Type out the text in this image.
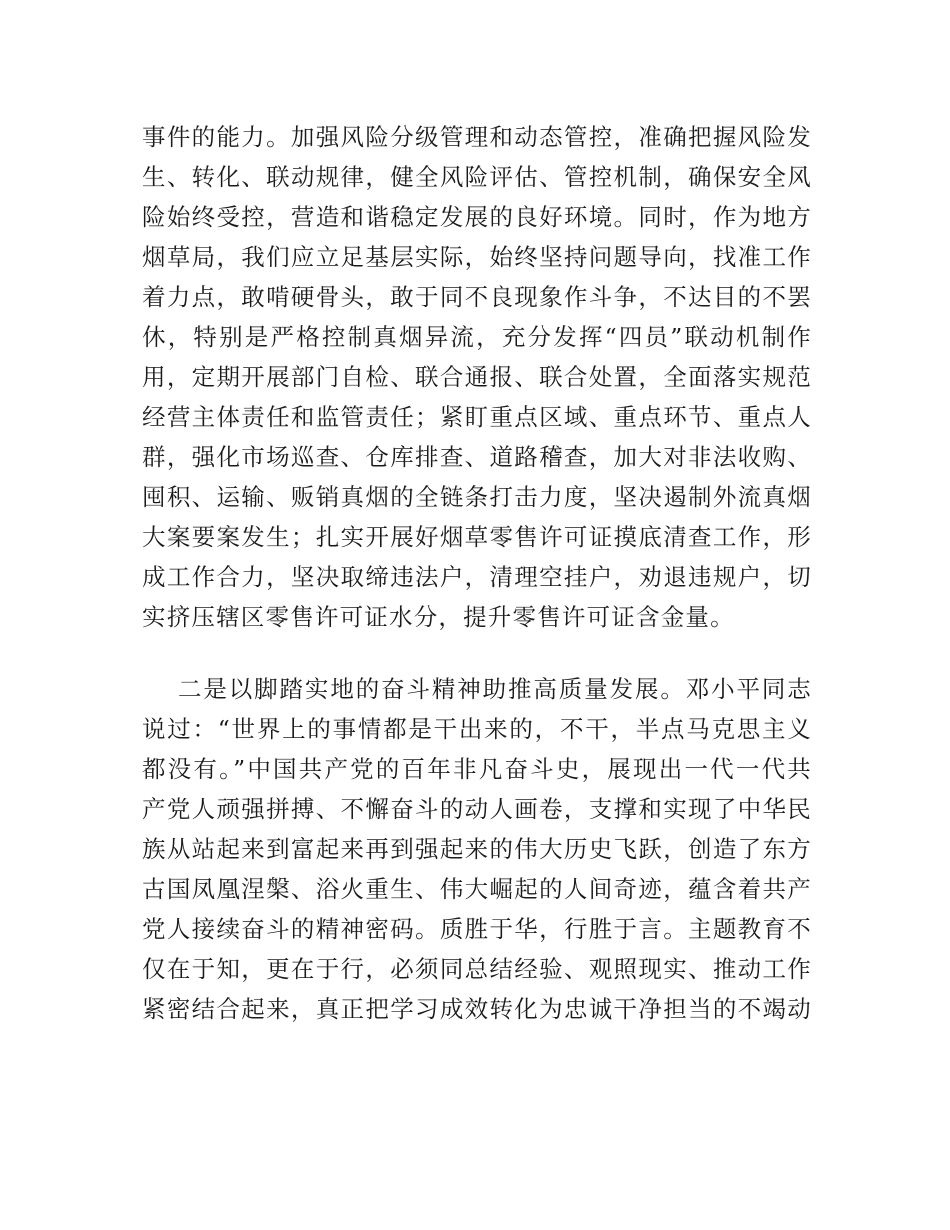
事件的能力。加强风险分级管理和动态管控，准确把握风险发
生、转化、联动规律，健全风险评估、管控机制，确保安全风
险始终受控，营造和谐稳定发展的良好环境。同时，作为地方
烟草局，我们应立足基层实际，始终坚持问题导向，找准工作
着力点，敢啃硬骨头，敢于同不良现象作斗争，不达目的不罢
休，特别是严格控制真烟异流，充分发挥“四员”联动机制作
用，定期开展部门自检、联合通报、联合处置，全面落实规范
经营主体责任和监管责任；紧盯重点区域、重点环节、重点人
群，强化市场巡查、仓库排查、道路稽查，加大对非法收购、
囤积、运输、贩销真烟的全链条打击力度，坚决遏制外流真烟
大案要案发生；扎实开展好烟草零售许可证摸底清查工作，形
成工作合力，坚决取缔违法户，清理空挂户，劝退违规户，切
实挤压辖区零售许可证水分，提升零售许可证含金量。
二是以脚踏实地的奋斗精神助推高质量发展。邓小平同志
说过：“世界上的事情都是干出来的，不干，半点马克思主义
都没有。”中国共产党的百年非凡奋斗史，展现出一代一代共
产党人顽强拼搏、不懈奋斗的动人画卷，支撑和实现了中华民
族从站起来到富起来再到强起来的伟大历史飞跃，创造了东方
古国凤凰涅槃、浴火重生、伟大崛起的人间奇迹，蕴含着共产
党人接续奋斗的精神密码。质胜于华，行胜于言。主题教育不
仅在于知，更在于行，必须同总结经验、观照现实、推动工作
紧密结合起来，真正把学习成效转化为忠诚干净担当的不竭动
